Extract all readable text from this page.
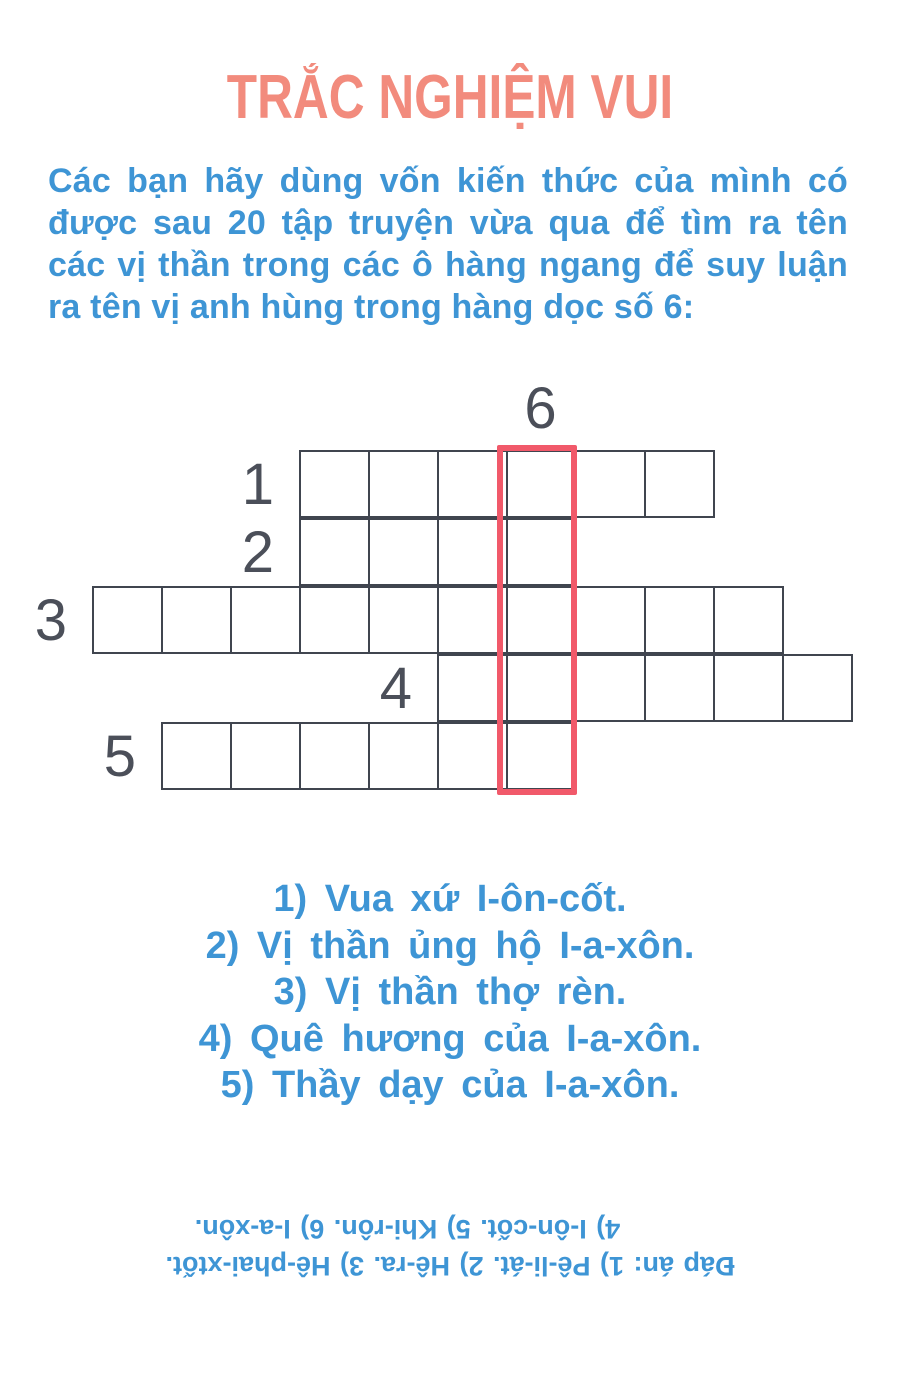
TRẮC NGHIỆM VUI
Các bạn hãy dùng vốn kiến thức của mình có
được sau 20 tập truyện vừa qua để tìm ra tên
các vị thần trong các ô hàng ngang để suy luận
ra tên vị anh hùng trong hàng dọc số 6:
6
1
2
3
4
5
1) Vua xứ I-ôn-cốt.
2) Vị thần ủng hộ I-a-xôn.
3) Vị thần thợ rèn.
4) Quê hương của I-a-xôn.
5) Thầy dạy của I-a-xôn.
Đáp án: 1) Pê-li-át. 2) Hê-ra. 3) Hê-phai-xtốt.
4) I-ôn-cốt. 5) Khi-rôn. 6) I-a-xôn.
